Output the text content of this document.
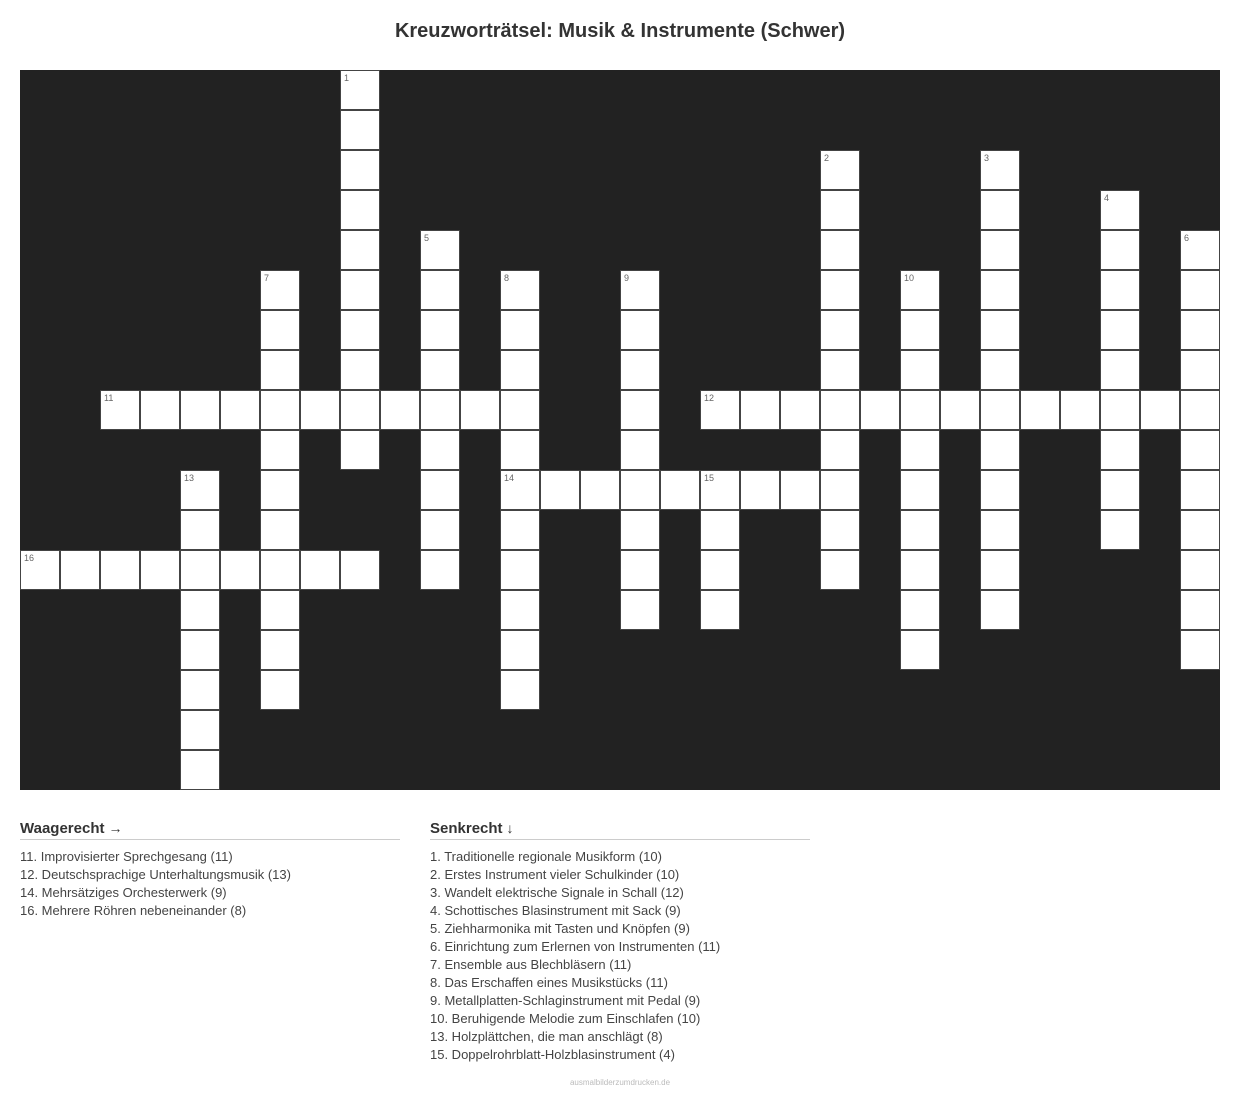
Kreuzworträtsel: Musik & Instrumente (Schwer)
1
2	3
4
5	6
7	8
14
9	10
11	12
13	15
16
Waagerecht →
11. Improvisierter Sprechgesang (11)
12. Deutschsprachige Unterhaltungsmusik (13)
14. Mehrsätziges Orchesterwerk (9)
16. Mehrere Röhren nebeneinander (8)
Senkrecht ↓
1. Traditionelle regionale Musikform (10)
2. Erstes Instrument vieler Schulkinder (10)
3. Wandelt elektrische Signale in Schall (12)
4. Schottisches Blasinstrument mit Sack (9)
5. Ziehharmonika mit Tasten und Knöpfen (9)
6. Einrichtung zum Erlernen von Instrumenten (11)
7. Ensemble aus Blechbläsern (11)
8. Das Erschaffen eines Musikstücks (11)
9. Metallplatten-Schlaginstrument mit Pedal (9)
10. Beruhigende Melodie zum Einschlafen (10)
13. Holzplättchen, die man anschlägt (8)
15. Doppelrohrblatt-Holzblasinstrument (4)
ausmalbilderzumdrucken.de
